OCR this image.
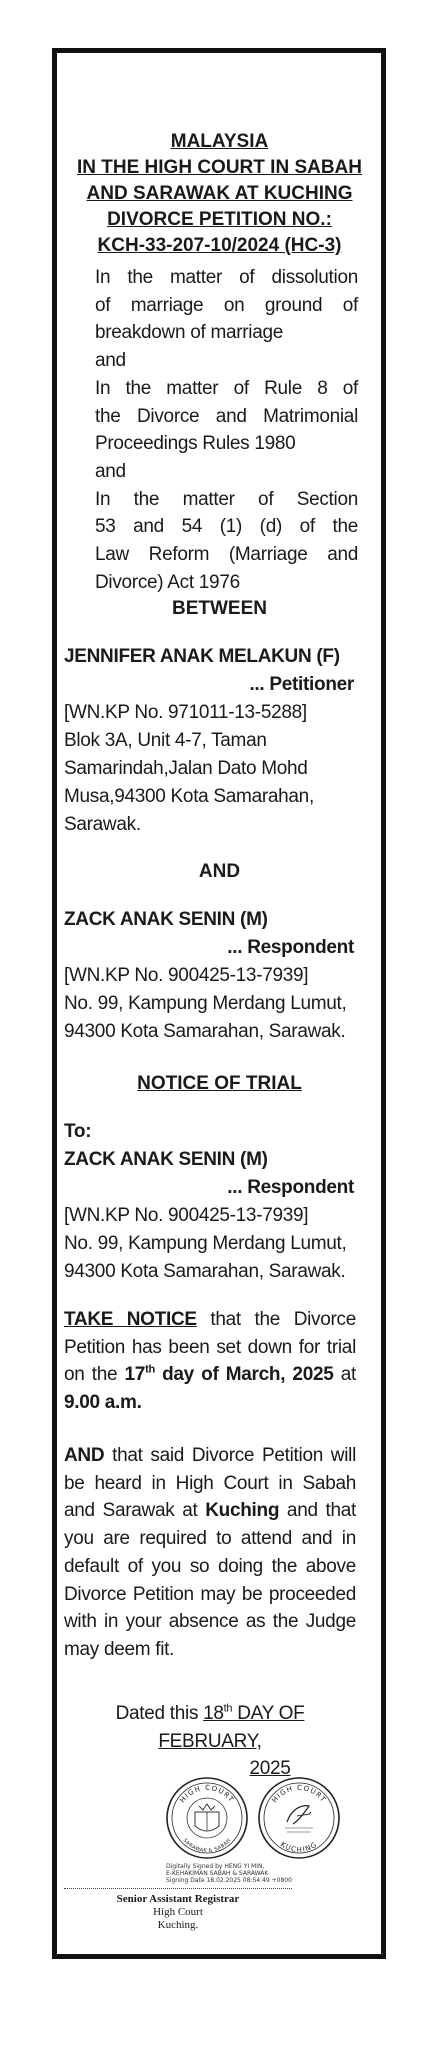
MALAYSIA
IN THE HIGH COURT IN SABAH
AND SARAWAK AT KUCHING
DIVORCE PETITION NO.:
KCH-33-207-10/2024 (HC-3)
In the matter of dissolution
of marriage on ground of
breakdown of marriage
and
In the matter of Rule 8 of
the Divorce and Matrimonial
Proceedings Rules 1980
and
In the matter of Section
53 and 54 (1) (d) of the
Law Reform (Marriage and
Divorce) Act 1976
BETWEEN
JENNIFER ANAK MELAKUN (F)
... Petitioner
[WN.KP No. 971011-13-5288]
Blok 3A, Unit 4-7, Taman
Samarindah,Jalan Dato Mohd
Musa,94300 Kota Samarahan,
Sarawak.
AND
ZACK ANAK SENIN (M)
... Respondent
[WN.KP No. 900425-13-7939]
No. 99, Kampung Merdang Lumut,
94300 Kota Samarahan, Sarawak.
NOTICE OF TRIAL
To:
ZACK ANAK SENIN (M)
... Respondent
[WN.KP No. 900425-13-7939]
No. 99, Kampung Merdang Lumut,
94300 Kota Samarahan, Sarawak.
TAKE NOTICE that the Divorce
Petition has been set down for trial
on the 17th day of March, 2025 at
9.00 a.m.
AND that said Divorce Petition will
be heard in High Court in Sabah
and Sarawak at Kuching and that
you are required to attend and in
default of you so doing the above
Divorce Petition may be proceeded
with in your absence as the Judge
may deem fit.
Dated this 18th DAY OF FEBRUARY,
2025
HIGH COURT
SARAWAK & SABAH
HIGH COURT
KUCHING
Digitally Signed by HENG YI MIN,
E-KEHAKIMAN SABAH & SARAWAK
Signing Date 18.02.2025 08:54:49 +0800
Senior Assistant Registrar
High Court
Kuching.
